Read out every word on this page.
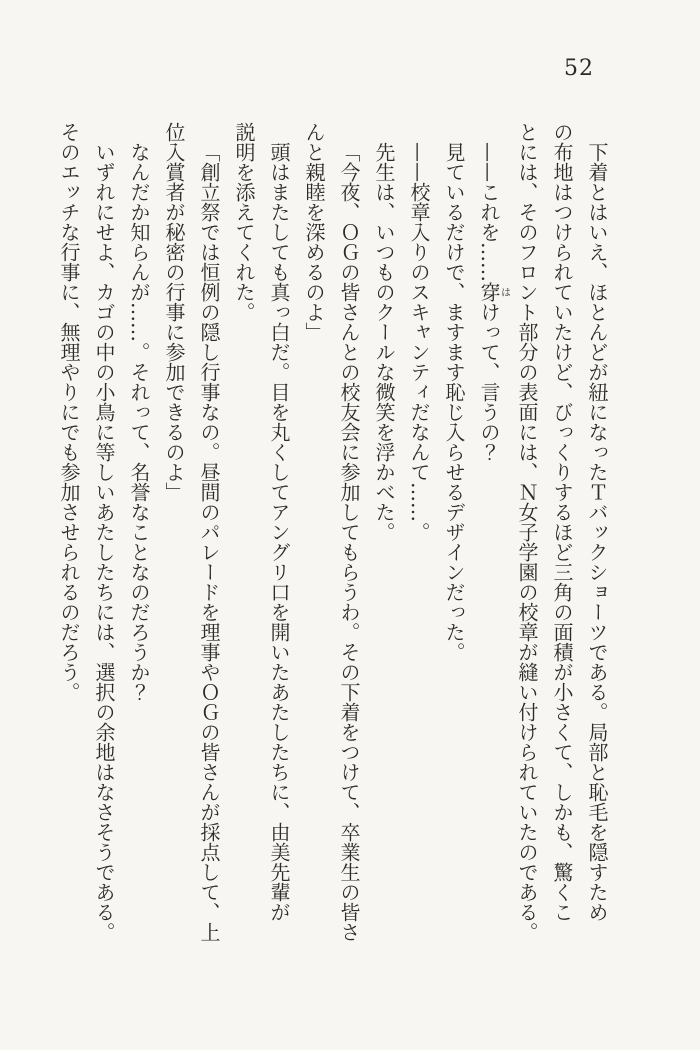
52
下着とはいえ、ほとんどが紐になったＴバックショーツである。局部と恥毛を隠すため
の布地はつけられていたけど、びっくりするほど三角の面積が小さくて、しかも、驚くこ
とには、そのフロント部分の表面には、Ｎ女子学園の校章が縫い付けられていたのである。
——これを……穿はけって、言うの？
見ているだけで、ますます恥じ入らせるデザインだった。
——校章入りのスキャンティだなんて……。
先生は、いつものクールな微笑を浮かべた。
「今夜、ＯＧの皆さんとの校友会に参加してもらうわ。その下着をつけて、卒業生の皆さ
んと親睦を深めるのよ」
頭はまたしても真っ白だ。目を丸くしてアングリ口を開いたあたしたちに、由美先輩が
説明を添えてくれた。
「創立祭では恒例の隠し行事なの。昼間のパレードを理事やＯＧの皆さんが採点して、上
位入賞者が秘密の行事に参加できるのよ」
なんだか知らんが……。それって、名誉なことなのだろうか？
いずれにせよ、カゴの中の小鳥に等しいあたしたちには、選択の余地はなさそうである。
そのエッチな行事に、無理やりにでも参加させられるのだろう。
